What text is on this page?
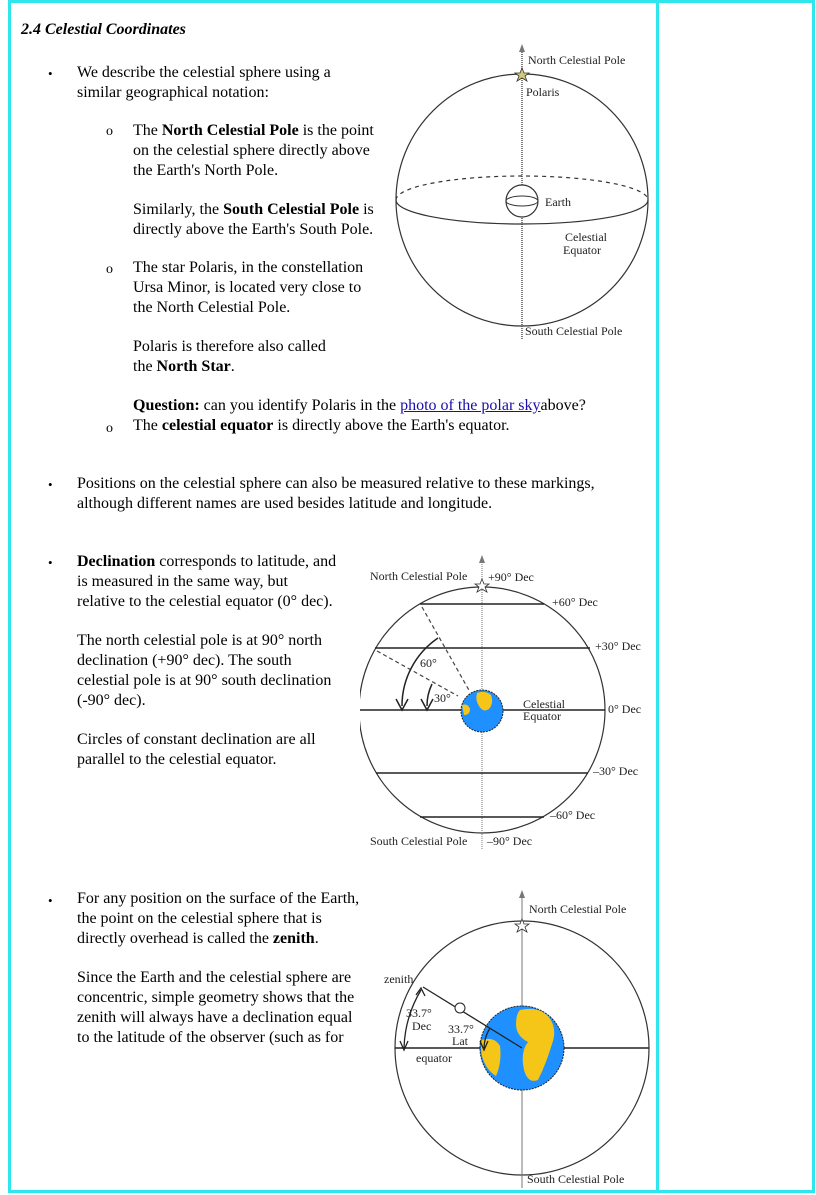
2.4 Celestial Coordinates
• We describe the celestial sphere using a
similar geographical notation:
o The North Celestial Pole is the point
on the celestial sphere directly above
the Earth's North Pole.
Similarly, the South Celestial Pole is
directly above the Earth's South Pole.
o The star Polaris, in the constellation
Ursa Minor, is located very close to
the North Celestial Pole.
Polaris is therefore also called
the North Star.
Question: can you identify Polaris in the photo of the polar skyabove?
o The celestial equator is directly above the Earth's equator.
• Positions on the celestial sphere can also be measured relative to these markings,
although different names are used besides latitude and longitude.
• Declination corresponds to latitude, and
is measured in the same way, but
relative to the celestial equator (0° dec).
The north celestial pole is at 90° north
declination (+90° dec). The south
celestial pole is at 90° south declination
(-90° dec).
Circles of constant declination are all
parallel to the celestial equator.
• For any position on the surface of the Earth,
the point on the celestial sphere that is
directly overhead is called the zenith.
Since the Earth and the celestial sphere are
concentric, simple geometry shows that the
zenith will always have a declination equal
to the latitude of the observer (such as for
North Celestial Pole
Polaris
Earth
Celestial
Equator
South Celestial Pole
North Celestial Pole +90° Dec
+60° Dec
+30° Dec
0° Dec
–30° Dec
–60° Dec
South Celestial Pole –90° Dec
60°
30°	Celestial
Equator
North Celestial Pole
zenith
33.7°
Dec 33.7°
Lat
equator
South Celestial Pole
